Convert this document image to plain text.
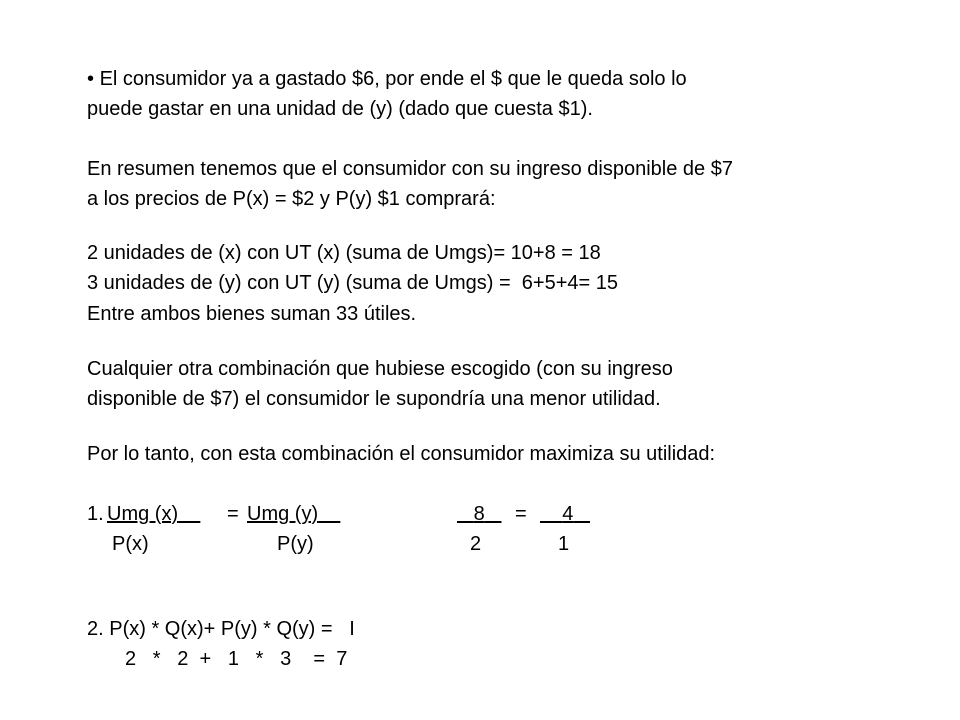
• El consumidor ya a gastado $6, por ende el $ que le queda solo lo
puede gastar en una unidad de (y) (dado que cuesta $1).
En resumen tenemos que el consumidor con su ingreso disponible de $7
a los precios de P(x) = $2 y P(y) $1 comprará:
2 unidades de (x) con UT (x) (suma de Umgs)= 10+8 = 18
3 unidades de (y) con UT (y) (suma de Umgs) =  6+5+4= 15
Entre ambos bienes suman 33 útiles.
Cualquier otra combinación que hubiese escogido (con su ingreso
disponible de $7) el consumidor le supondría una menor utilidad.
Por lo tanto, con esta combinación el consumidor maximiza su utilidad:
1. Umg (x)	= Umg (y)	8	=	4
P(x)	P(y)	2	1
2. P(x) * Q(x)+ P(y) * Q(y) =   I
2   *   2  +   1   *   3    =  7
